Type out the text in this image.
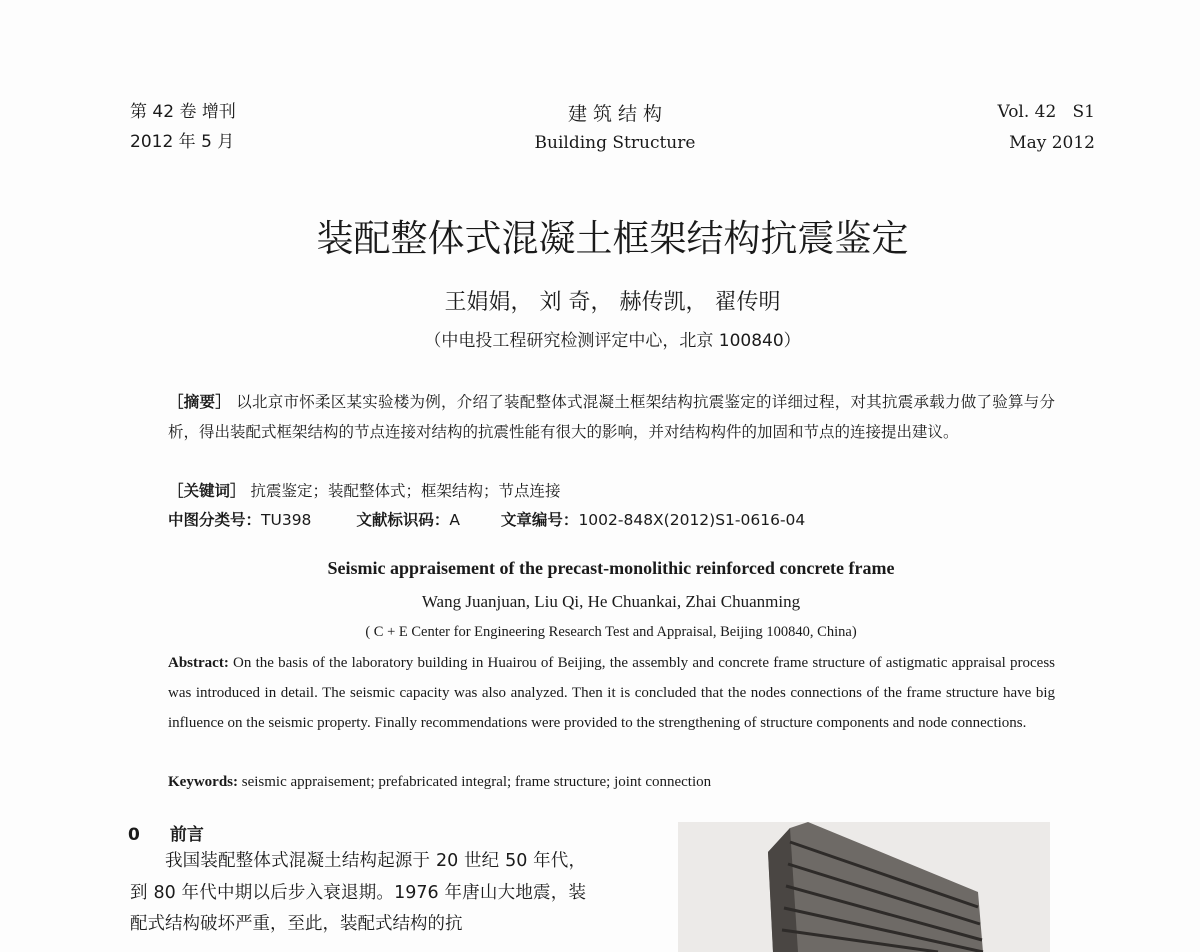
第 42 卷 增刊
2012 年 5 月
建 筑 结 构
Building Structure
Vol. 42   S1
May 2012
装配整体式混凝土框架结构抗震鉴定
王娟娟， 刘 奇， 赫传凯， 翟传明
（中电投工程研究检测评定中心，北京 100840）
［摘要］ 以北京市怀柔区某实验楼为例，介绍了装配整体式混凝土框架结构抗震鉴定的详细过程，对其抗震承载力做了验算与分析，得出装配式框架结构的节点连接对结构的抗震性能有很大的影响，并对结构构件的加固和节点的连接提出建议。
［关键词］ 抗震鉴定；装配整体式；框架结构；节点连接
中图分类号：TU398	文献标识码：A	文章编号：1002-848X(2012)S1-0616-04
Seismic appraisement of the precast-monolithic reinforced concrete frame
Wang Juanjuan, Liu Qi, He Chuankai, Zhai Chuanming
( C + E Center for Engineering Research Test and Appraisal, Beijing 100840, China)
Abstract: On the basis of the laboratory building in Huairou of Beijing, the assembly and concrete frame structure of astigmatic appraisal process was introduced in detail. The seismic capacity was also analyzed. Then it is concluded that the nodes connections of the frame structure have big influence on the seismic property. Finally recommendations were provided to the strengthening of structure components and node connections.
Keywords: seismic appraisement; prefabricated integral; frame structure; joint connection
0 前言
我国装配整体式混凝土结构起源于 20 世纪 50 年代，到 80 年代中期以后步入衰退期。1976 年唐山大地震，装配式结构破坏严重，至此，装配式结构的抗
